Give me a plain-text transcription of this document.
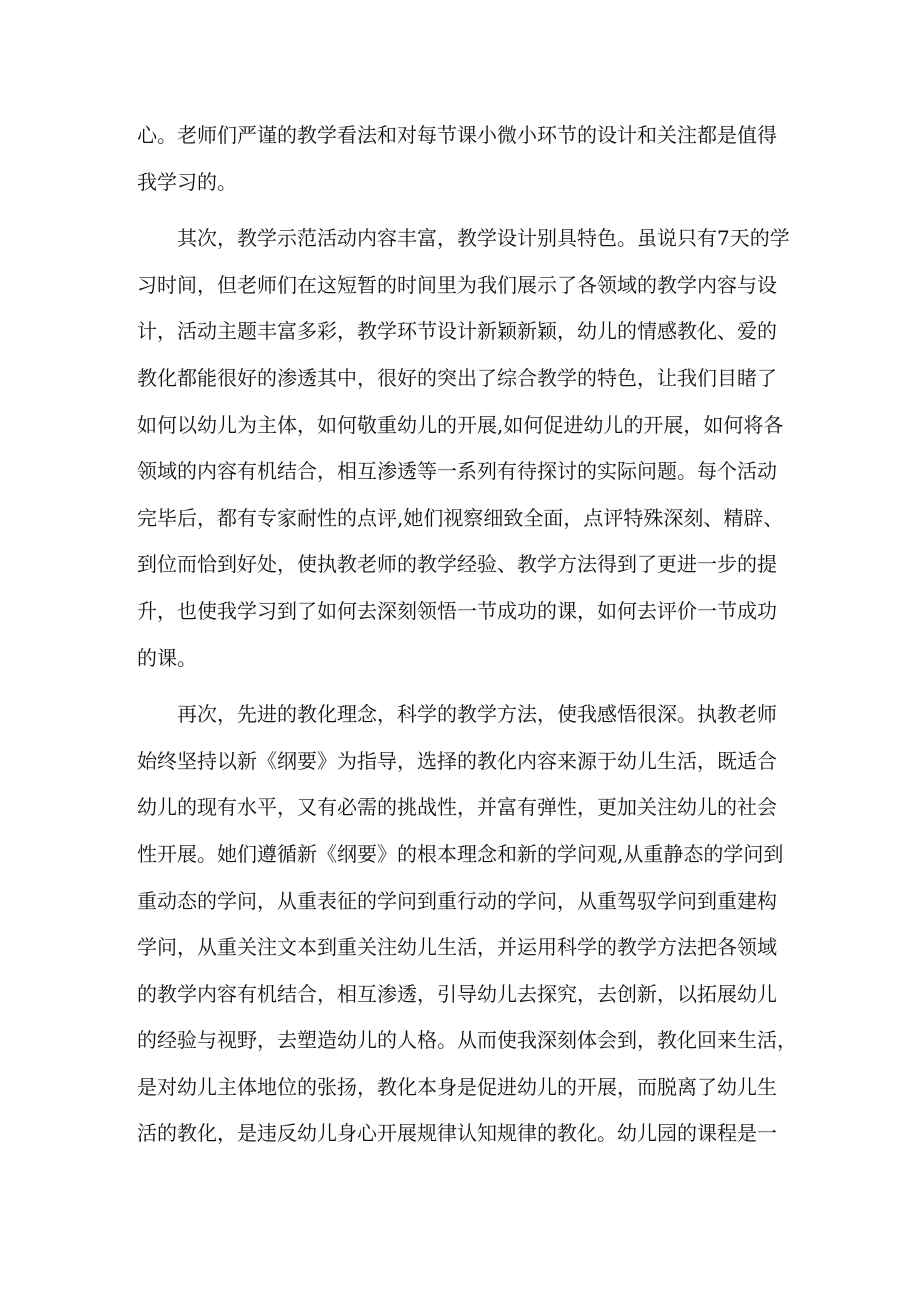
心。老师们严谨的教学看法和对每节课小微小环节的设计和关注都是值得
我学习的。
其次，教学示范活动内容丰富，教学设计别具特色。虽说只有7天的学
习时间，但老师们在这短暂的时间里为我们展示了各领域的教学内容与设
计，活动主题丰富多彩，教学环节设计新颖新颖，幼儿的情感教化、爱的
教化都能很好的渗透其中，很好的突出了综合教学的特色，让我们目睹了
如何以幼儿为主体，如何敬重幼儿的开展,如何促进幼儿的开展，如何将各
领域的内容有机结合，相互渗透等一系列有待探讨的实际问题。每个活动
完毕后，都有专家耐性的点评,她们视察细致全面，点评特殊深刻、精辟、
到位而恰到好处，使执教老师的教学经验、教学方法得到了更进一步的提
升，也使我学习到了如何去深刻领悟一节成功的课，如何去评价一节成功
的课。
再次，先进的教化理念，科学的教学方法，使我感悟很深。执教老师
始终坚持以新《纲要》为指导，选择的教化内容来源于幼儿生活，既适合
幼儿的现有水平，又有必需的挑战性，并富有弹性，更加关注幼儿的社会
性开展。她们遵循新《纲要》的根本理念和新的学问观,从重静态的学问到
重动态的学问，从重表征的学问到重行动的学问，从重驾驭学问到重建构
学问，从重关注文本到重关注幼儿生活，并运用科学的教学方法把各领域
的教学内容有机结合，相互渗透，引导幼儿去探究，去创新，以拓展幼儿
的经验与视野，去塑造幼儿的人格。从而使我深刻体会到，教化回来生活，
是对幼儿主体地位的张扬，教化本身是促进幼儿的开展，而脱离了幼儿生
活的教化，是违反幼儿身心开展规律认知规律的教化。幼儿园的课程是一
